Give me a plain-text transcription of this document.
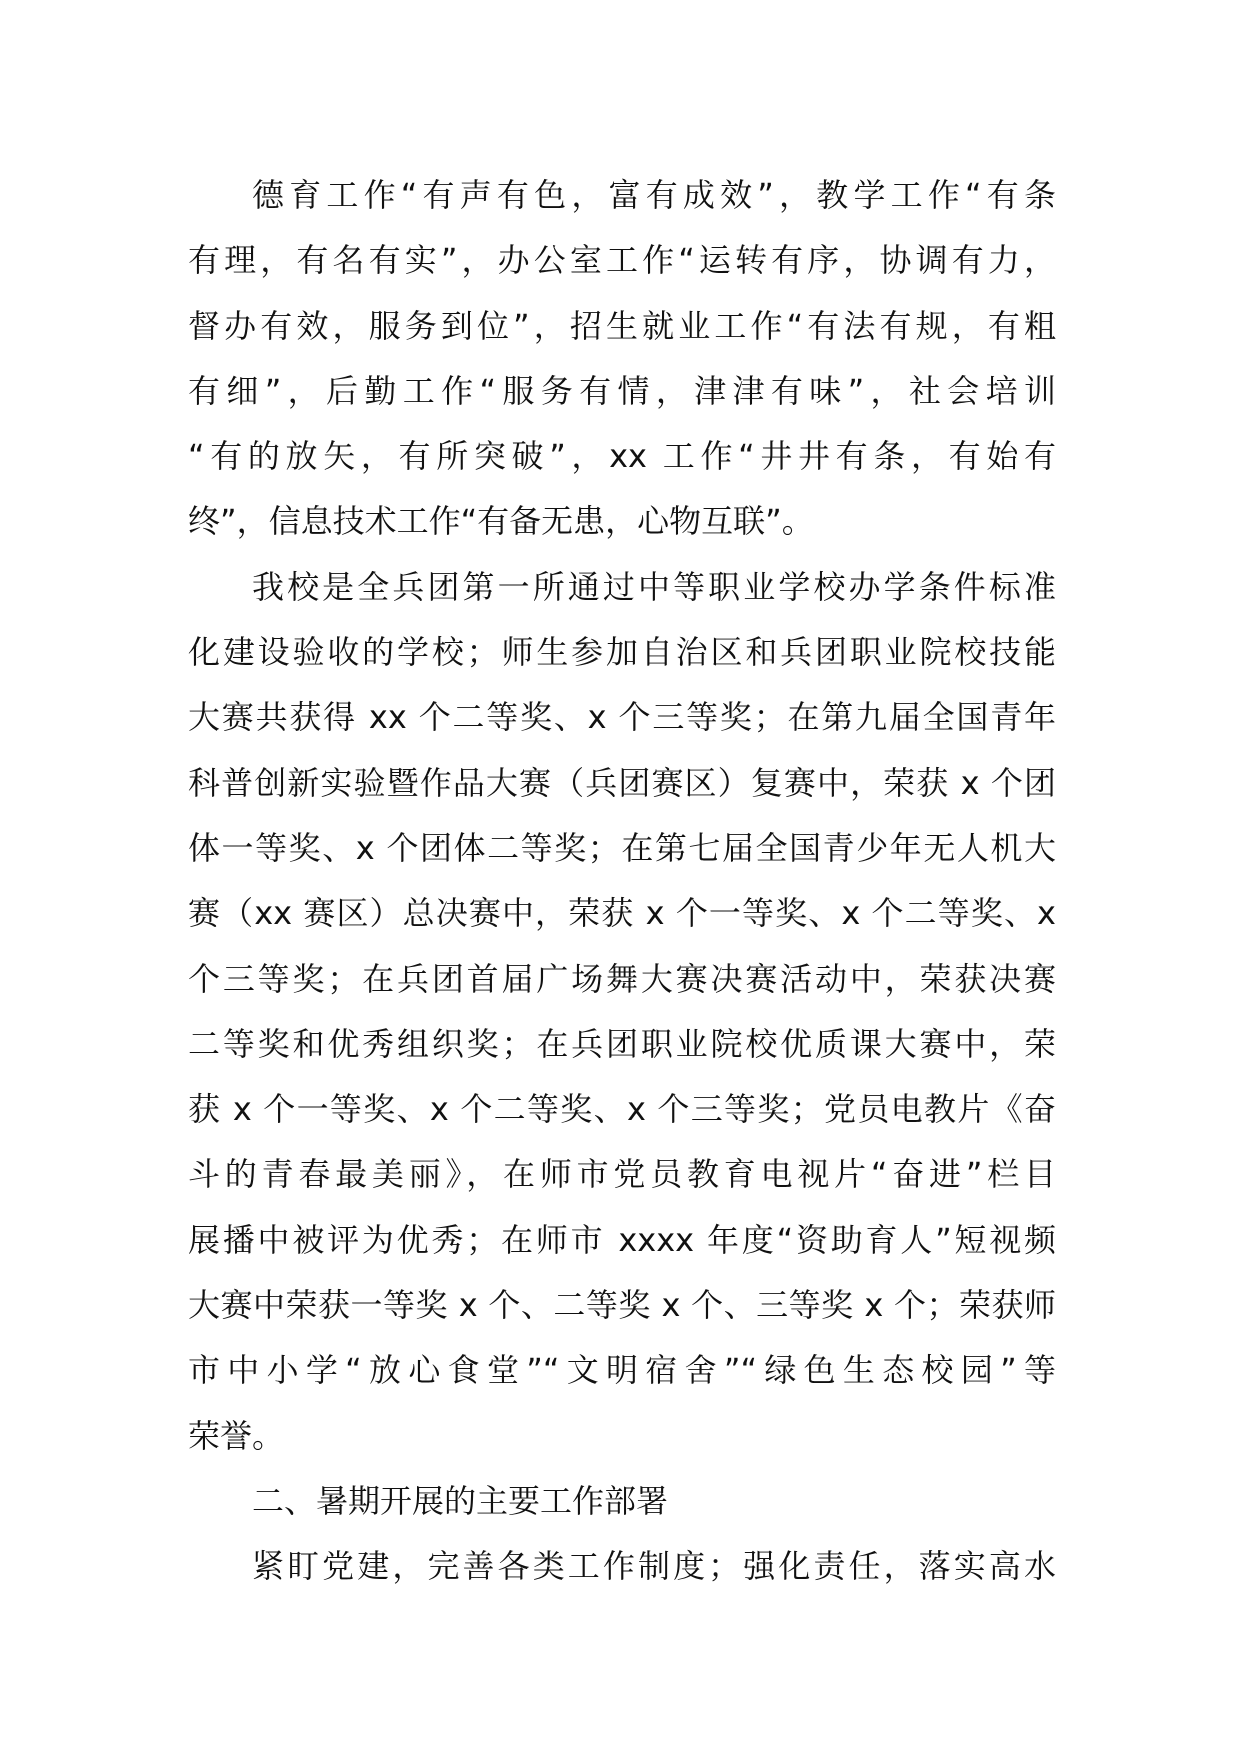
德育工作“有声有色，富有成效”，教学工作“有条
有理，有名有实”，办公室工作“运转有序，协调有力，
督办有效，服务到位”，招生就业工作“有法有规，有粗
有细”，后勤工作“服务有情，津津有味”，社会培训
“有的放矢，有所突破”，xx 工作“井井有条，有始有
终”，信息技术工作“有备无患，心物互联”。
我校是全兵团第一所通过中等职业学校办学条件标准
化建设验收的学校；师生参加自治区和兵团职业院校技能
大赛共获得 xx 个二等奖、x 个三等奖；在第九届全国青年
科普创新实验暨作品大赛（兵团赛区）复赛中，荣获 x 个团
体一等奖、x 个团体二等奖；在第七届全国青少年无人机大
赛（xx 赛区）总决赛中，荣获 x 个一等奖、x 个二等奖、x
个三等奖；在兵团首届广场舞大赛决赛活动中，荣获决赛
二等奖和优秀组织奖；在兵团职业院校优质课大赛中，荣
获 x 个一等奖、x 个二等奖、x 个三等奖；党员电教片《奋
斗的青春最美丽》，在师市党员教育电视片“奋进”栏目
展播中被评为优秀；在师市 xxxx 年度“资助育人”短视频
大赛中荣获一等奖 x 个、二等奖 x 个、三等奖 x 个；荣获师
市中小学“放心食堂”“文明宿舍”“绿色生态校园”等
荣誉。
二、暑期开展的主要工作部署
紧盯党建，完善各类工作制度；强化责任，落实高水
